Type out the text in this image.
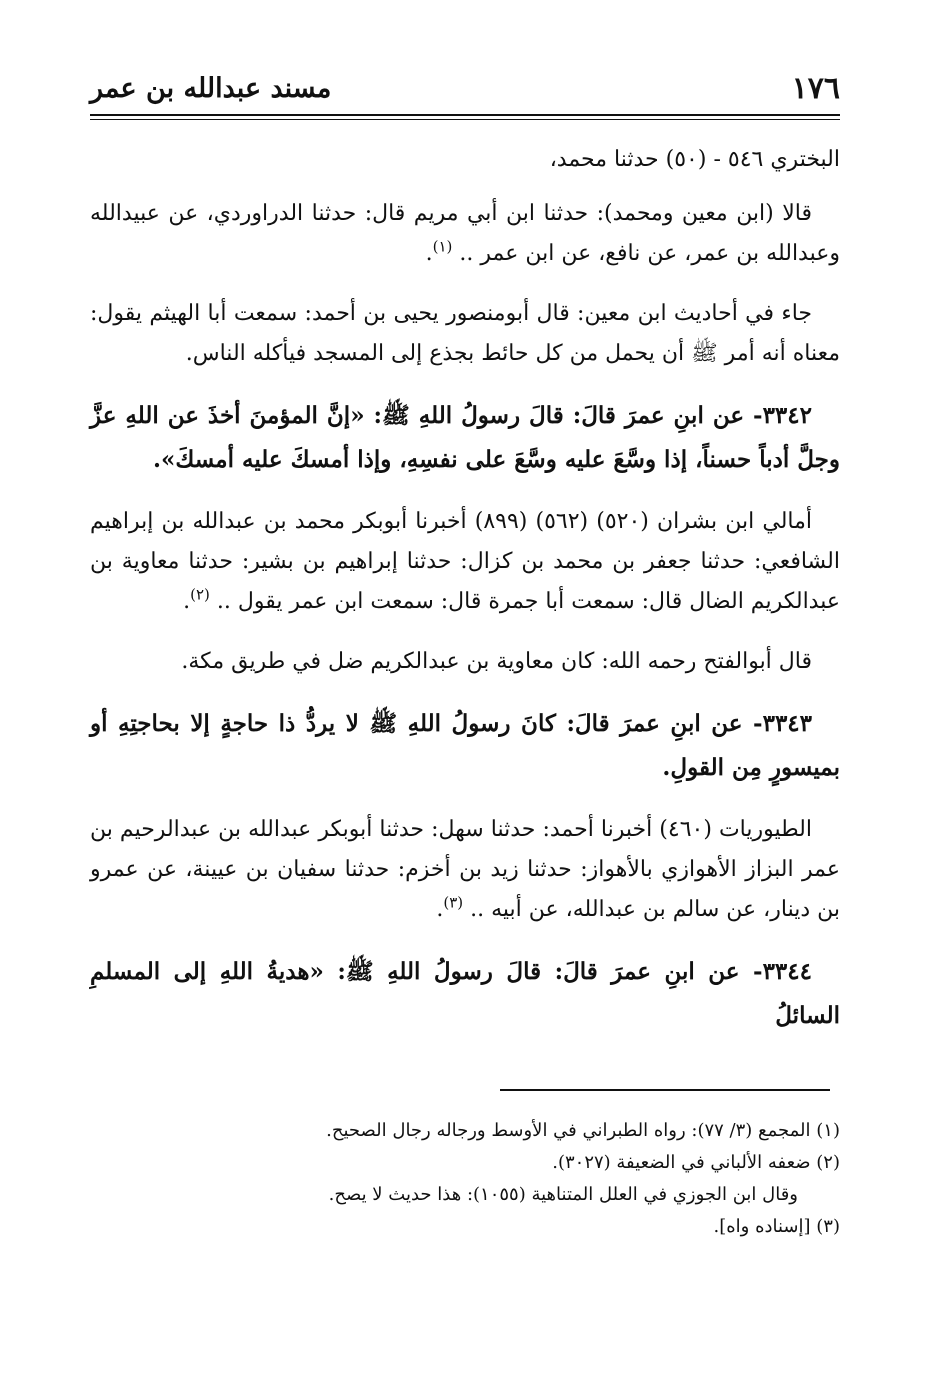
١٧٦
مسند عبدالله بن عمر

البختري ٥٤٦ - (٥٠) حدثنا محمد،

قالا (ابن معين ومحمد): حدثنا ابن أبي مريم قال: حدثنا الدراوردي، عن عبيدالله وعبدالله بن عمر، عن نافع، عن ابن عمر .. $^{(١)}$.

جاء في أحاديث ابن معين: قال أبومنصور يحيى بن أحمد: سمعت أبا الهيثم يقول: معناه أنه أمر ﷺ أن يحمل من كل حائط بجذع إلى المسجد فيأكله الناس.

٣٣٤٢- عن ابنِ عمرَ قالَ: قالَ رسولُ اللهِ ﷺ: «إنَّ المؤمنَ أخذَ عن اللهِ عزَّ وجلَّ أدباً حسناً، إذا وسَّعَ عليه وسَّعَ على نفسِهِ، وإذا أمسكَ عليه أمسكَ».

أمالي ابن بشران (٥٢٠) (٥٦٢) (٨٩٩) أخبرنا أبوبكر محمد بن عبدالله بن إبراهيم الشافعي: حدثنا جعفر بن محمد بن كزال: حدثنا إبراهيم بن بشير: حدثنا معاوية بن عبدالكريم الضال قال: سمعت أبا جمرة قال: سمعت ابن عمر يقول .. $^{(٢)}$.

قال أبوالفتح رحمه الله: كان معاوية بن عبدالكريم ضل في طريق مكة.

٣٣٤٣- عن ابنِ عمرَ قالَ: كانَ رسولُ اللهِ ﷺ لا يردُّ ذا حاجةٍ إلا بحاجتِهِ أو بميسورٍ مِن القولِ.

الطيوريات (٤٦٠) أخبرنا أحمد: حدثنا سهل: حدثنا أبوبكر عبدالله بن عبدالرحيم بن عمر البزاز الأهوازي بالأهواز: حدثنا زيد بن أخزم: حدثنا سفيان بن عيينة، عن عمرو بن دينار، عن سالم بن عبدالله، عن أبيه .. $^{(٣)}$.

٣٣٤٤- عن ابنِ عمرَ قالَ: قالَ رسولُ اللهِ ﷺ: «هديةُ اللهِ إلى المسلمِ السائلُ

(١) المجمع (٣/ ٧٧): رواه الطبراني في الأوسط ورجاله رجال الصحيح.
(٢) ضعفه الألباني في الضعيفة (٣٠٢٧).
وقال ابن الجوزي في العلل المتناهية (١٠٥٥): هذا حديث لا يصح.
(٣) [إسناده واه].
